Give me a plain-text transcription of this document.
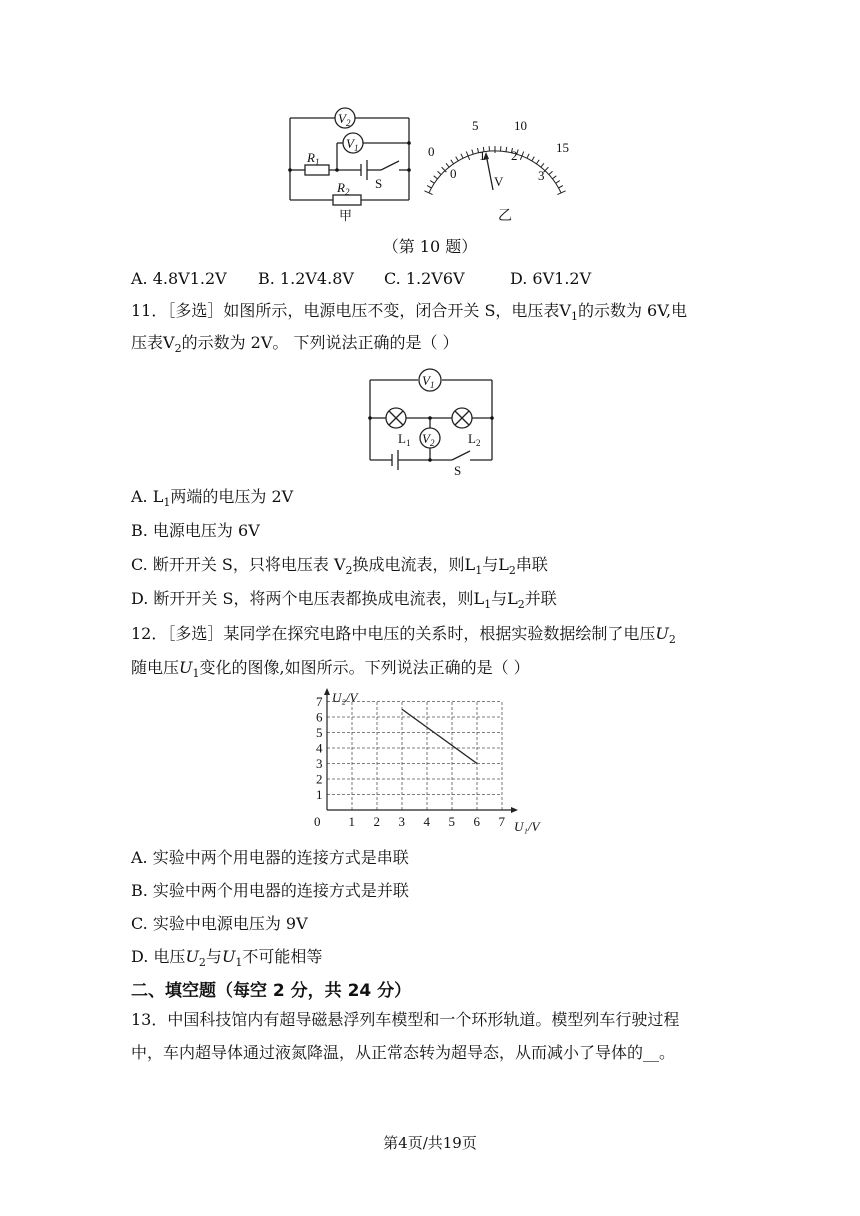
$V_2$
$V_1$
$R_1$
$R_2$
S
甲
0
5	10
15
0
1 2
3
V
乙
（第 10 题）
A. 4.8V1.2V B. 1.2V4.8V C. 1.2V6V	D. 6V1.2V
11．［多选］如图所示，电源电压不变，闭合开关 S，电压表$V_1$的示数为 6V,电
压表$V_2$的示数为 2V。 下列说法正确的是（ ）
$V_1$
$V_2$
$L_1$	$L_2$
S
A. $L_1$两端的电压为 2V
B. 电源电压为 6V
C. 断开开关 S，只将电压表 $V_2$换成电流表，则$L_1$与$L_2$串联
D. 断开开关 S，将两个电压表都换成电流表，则$L_1$与$L_2$并联
12．［多选］某同学在探究电路中电压的关系时，根据实验数据绘制了电压$U_2$
随电压$U_1$变化的图像,如图所示。下列说法正确的是（ ）
1 2 3 4 5 6 7
1
2
3
4
5
6
7 U₂/V
U₁/V
0
A. 实验中两个用电器的连接方式是串联
B. 实验中两个用电器的连接方式是并联
C. 实验中电源电压为 9V
D. 电压$U_2$与$U_1$不可能相等
二、填空题（每空 2 分，共 24 分）
13．中国科技馆内有超导磁悬浮列车模型和一个环形轨道。模型列车行驶过程
中，车内超导体通过液氮降温，从正常态转为超导态，从而减小了导体的__。
第4页/共19页
